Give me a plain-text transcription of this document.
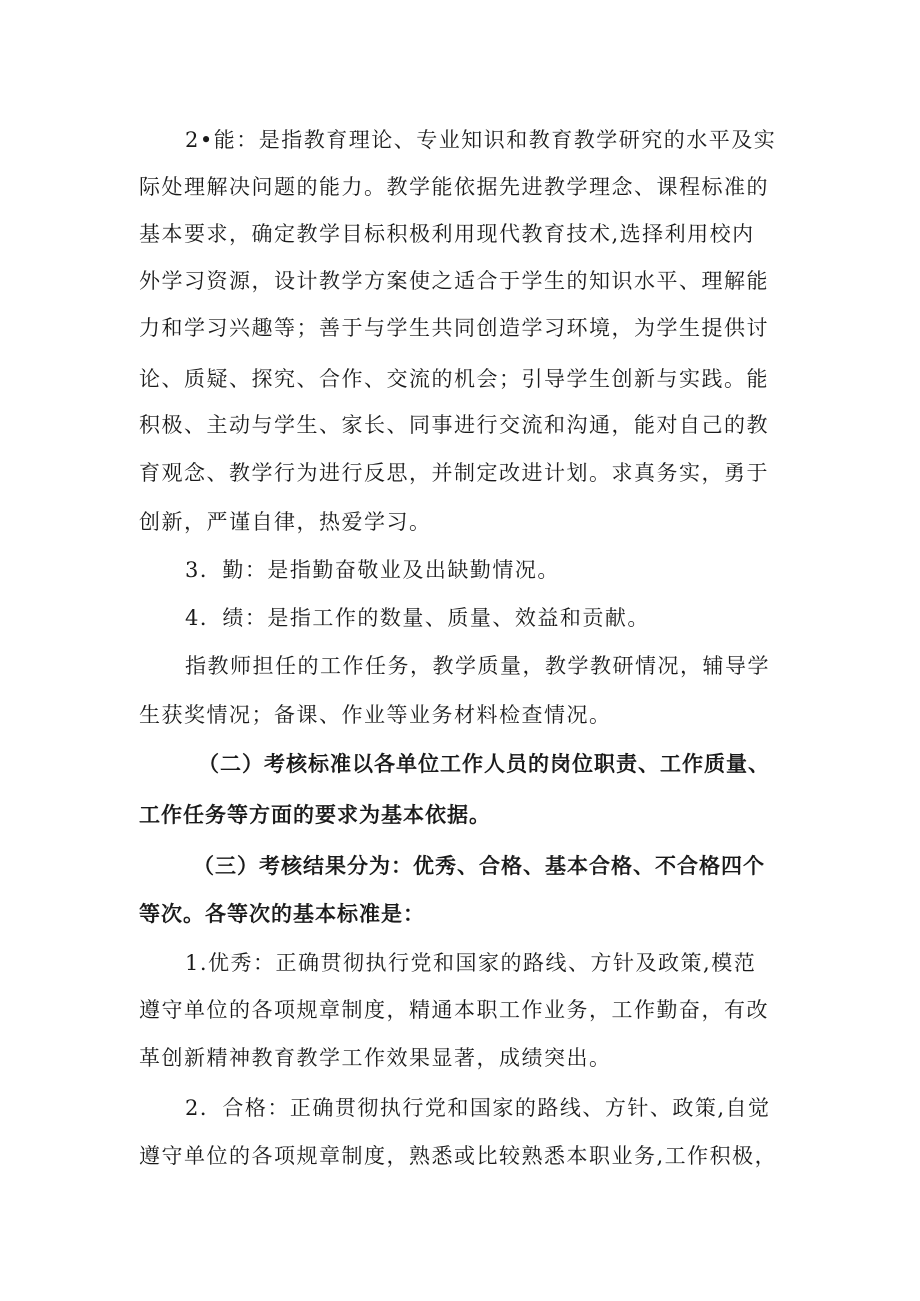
2•能：是指教育理论、专业知识和教育教学研究的水平及实
际处理解决问题的能力。教学能依据先进教学理念、课程标准的
基本要求，确定教学目标积极利用现代教育技术,选择利用校内
外学习资源，设计教学方案使之适合于学生的知识水平、理解能
力和学习兴趣等；善于与学生共同创造学习环境，为学生提供讨
论、质疑、探究、合作、交流的机会；引导学生创新与实践。能
积极、主动与学生、家长、同事进行交流和沟通，能对自己的教
育观念、教学行为进行反思，并制定改进计划。求真务实，勇于
创新，严谨自律，热爱学习。
3．勤：是指勤奋敬业及出缺勤情况。
4．绩：是指工作的数量、质量、效益和贡献。
指教师担任的工作任务，教学质量，教学教研情况，辅导学
生获奖情况；备课、作业等业务材料检查情况。
（二）考核标准以各单位工作人员的岗位职责、工作质量、
工作任务等方面的要求为基本依据。
（三）考核结果分为：优秀、合格、基本合格、不合格四个
等次。各等次的基本标准是：
1.优秀：正确贯彻执行党和国家的路线、方针及政策,模范
遵守单位的各项规章制度，精通本职工作业务，工作勤奋，有改
革创新精神教育教学工作效果显著，成绩突出。
2．合格：正确贯彻执行党和国家的路线、方针、政策,自觉
遵守单位的各项规章制度，熟悉或比较熟悉本职业务,工作积极，
